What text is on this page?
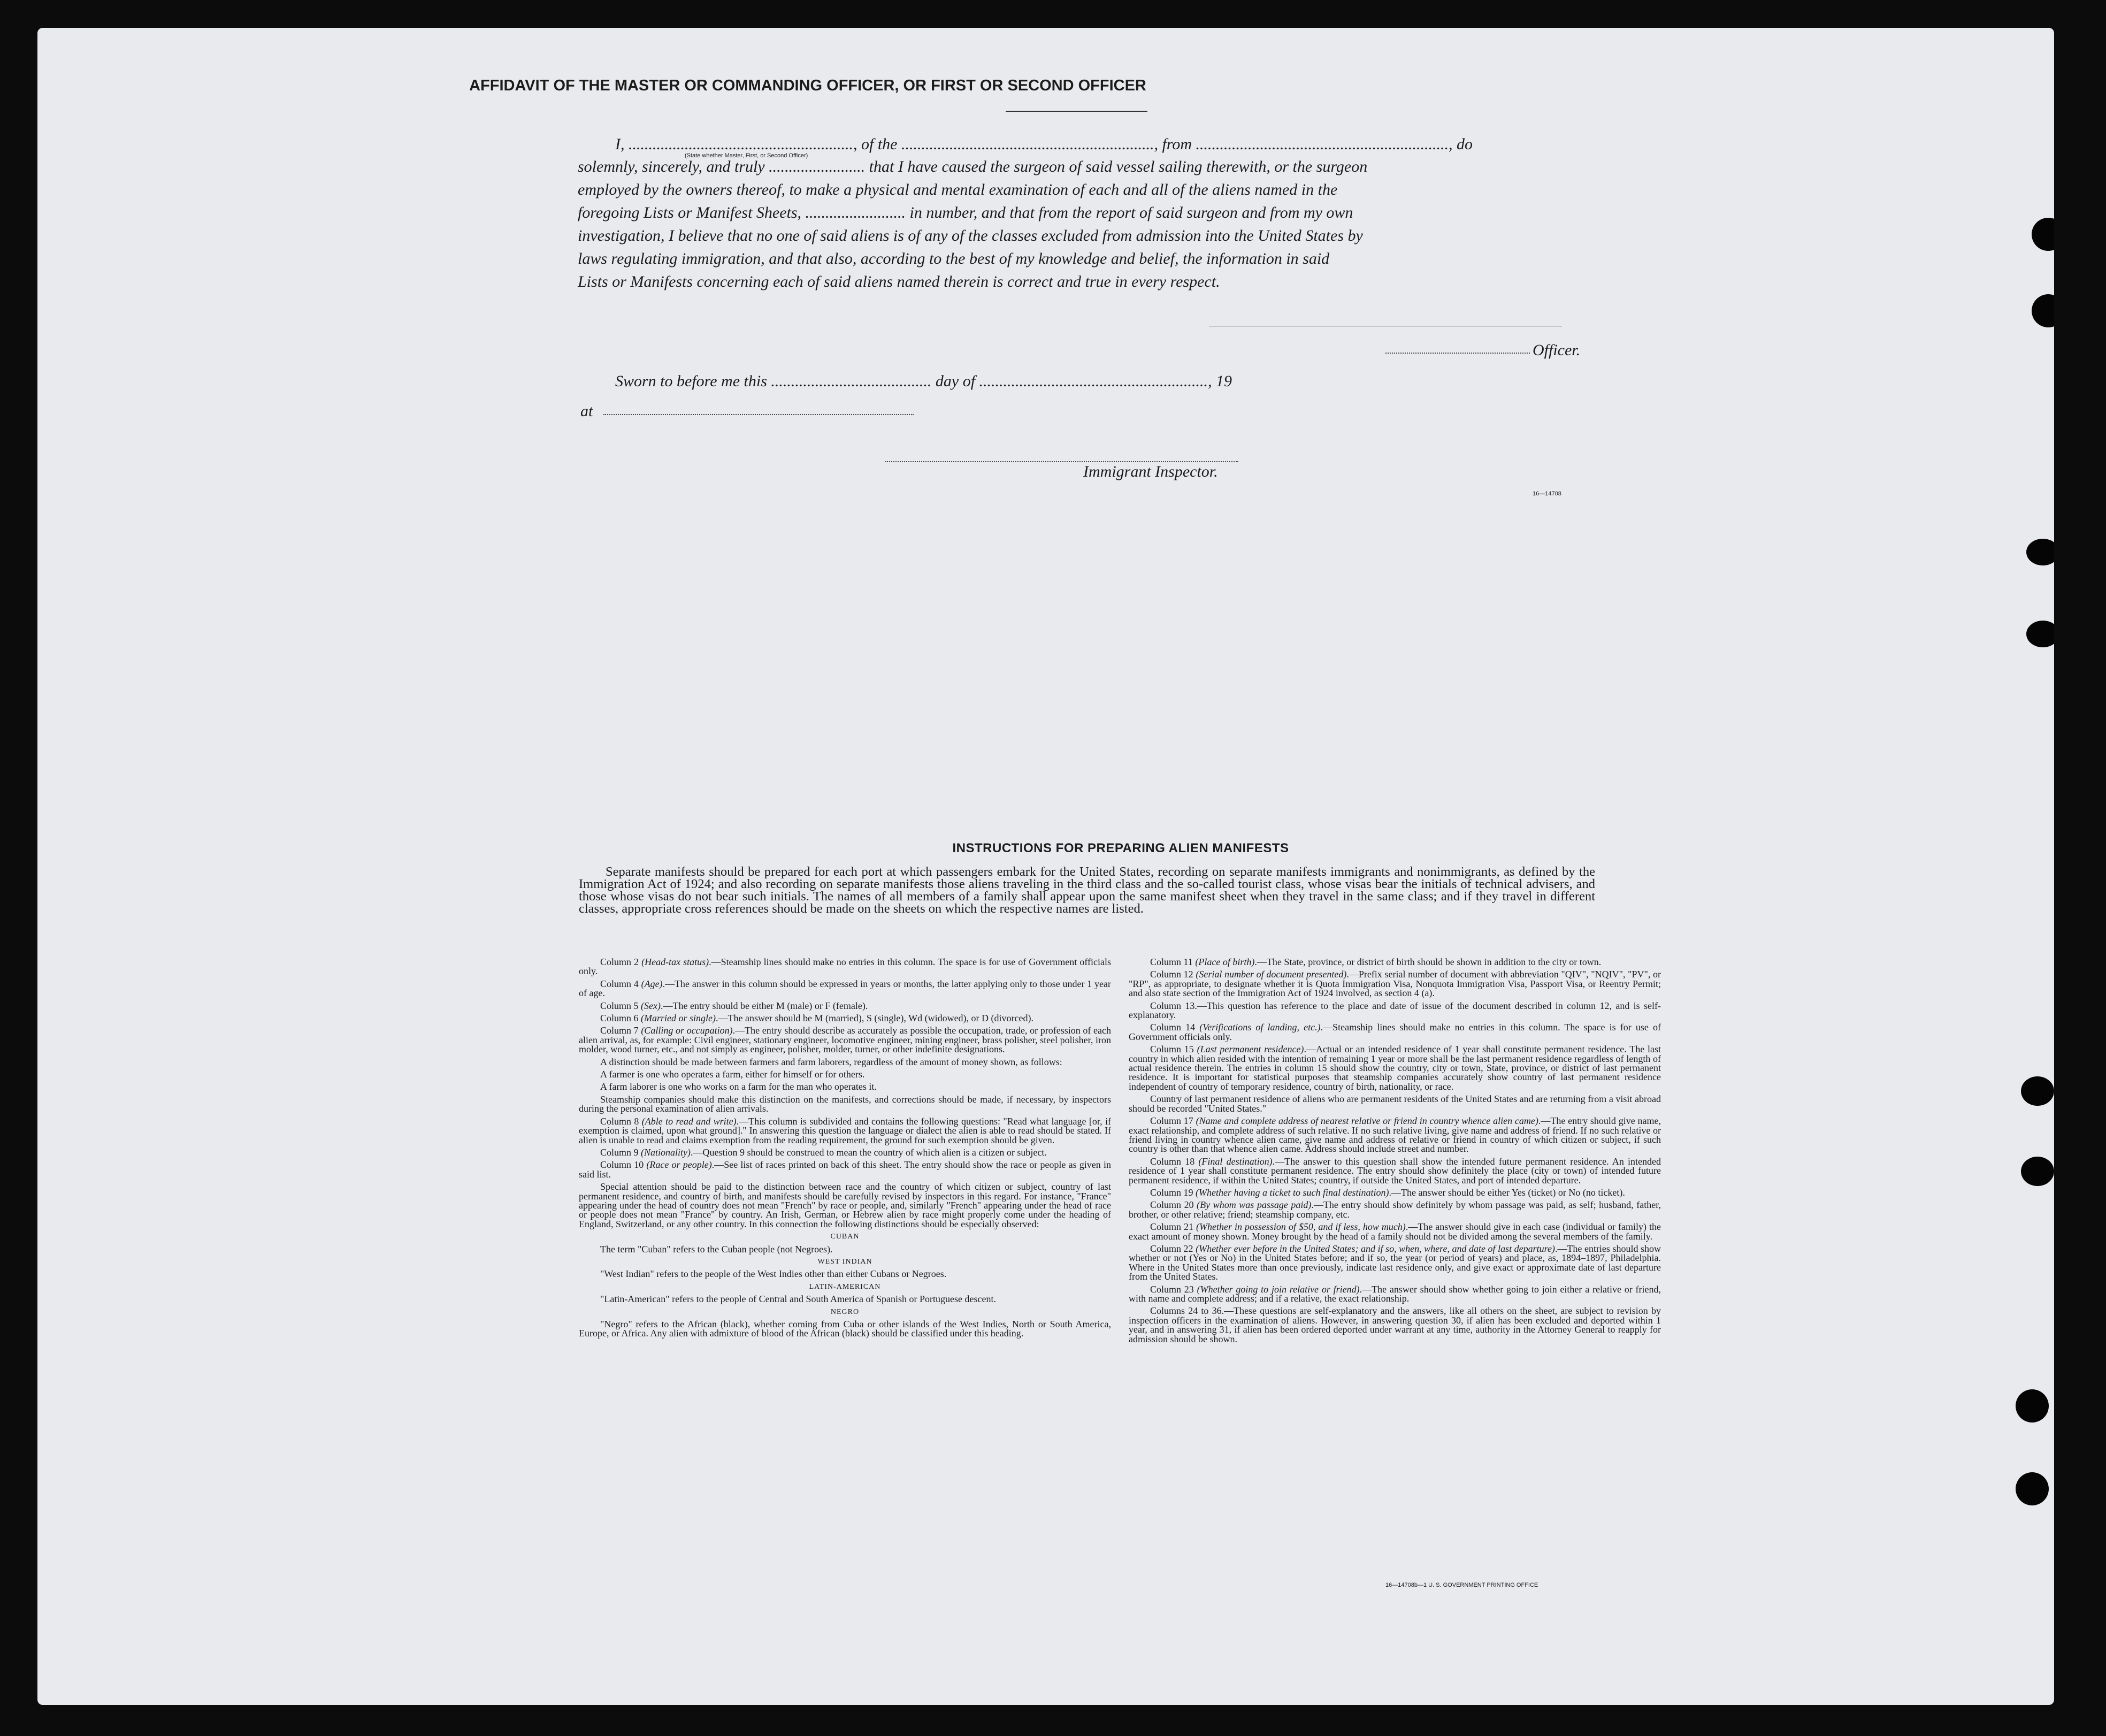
AFFIDAVIT OF THE MASTER OR COMMANDING OFFICER, OR FIRST OR SECOND OFFICER
I, ........................................................, of the ..............................................................., from ..............................................................., do
(State whether Master, First, or Second Officer)
solemnly, sincerely, and truly ........................ that I have caused the surgeon of said vessel sailing therewith, or the surgeon
employed by the owners thereof, to make a physical and mental examination of each and all of the aliens named in the
foregoing Lists or Manifest Sheets, ......................... in number, and that from the report of said surgeon and from my own
investigation, I believe that no one of said aliens is of any of the classes excluded from admission into the United States by
laws regulating immigration, and that also, according to the best of my knowledge and belief, the information in said
Lists or Manifests concerning each of said aliens named therein is correct and true in every respect.
Officer.
Sworn to before me this ........................................ day of ........................................................., 19
at
Immigrant Inspector.
16—14708
INSTRUCTIONS FOR PREPARING ALIEN MANIFESTS
Separate manifests should be prepared for each port at which passengers embark for the United States, recording on separate manifests immigrants and nonimmigrants, as defined by the Immigration Act of 1924; and also recording on separate manifests those aliens traveling in the third class and the so-called tourist class, whose visas bear the initials of technical advisers, and those whose visas do not bear such initials. The names of all members of a family shall appear upon the same manifest sheet when they travel in the same class; and if they travel in different classes, appropriate cross references should be made on the sheets on which the respective names are listed.

Column 2 (Head-tax status).—Steamship lines should make no entries in this column. The space is for use of Government officials only.

Column 4 (Age).—The answer in this column should be expressed in years or months, the latter applying only to those under 1 year of age.

Column 5 (Sex).—The entry should be either M (male) or F (female).

Column 6 (Married or single).—The answer should be M (married), S (single), Wd (widowed), or D (divorced).

Column 7 (Calling or occupation).—The entry should describe as accurately as possible the occupation, trade, or profession of each alien arrival, as, for example: Civil engineer, stationary engineer, locomotive engineer, mining engineer, brass polisher, steel polisher, iron molder, wood turner, etc., and not simply as engineer, polisher, molder, turner, or other indefinite designations.

A distinction should be made between farmers and farm laborers, regardless of the amount of money shown, as follows:

A farmer is one who operates a farm, either for himself or for others.

A farm laborer is one who works on a farm for the man who operates it.

Steamship companies should make this distinction on the manifests, and corrections should be made, if necessary, by inspectors during the personal examination of alien arrivals.

Column 8 (Able to read and write).—This column is subdivided and contains the following questions: "Read what language [or, if exemption is claimed, upon what ground]." In answering this question the language or dialect the alien is able to read should be stated. If alien is unable to read and claims exemption from the reading requirement, the ground for such exemption should be given.

Column 9 (Nationality).—Question 9 should be construed to mean the country of which alien is a citizen or subject.

Column 10 (Race or people).—See list of races printed on back of this sheet. The entry should show the race or people as given in said list.

Special attention should be paid to the distinction between race and the country of which citizen or subject, country of last permanent residence, and country of birth, and manifests should be carefully revised by inspectors in this regard. For instance, "France" appearing under the head of country does not mean "French" by race or people, and, similarly "French" appearing under the head of race or people does not mean "France" by country. An Irish, German, or Hebrew alien by race might properly come under the heading of England, Switzerland, or any other country. In this connection the following distinctions should be especially observed:

CUBAN

The term "Cuban" refers to the Cuban people (not Negroes).

WEST INDIAN

"West Indian" refers to the people of the West Indies other than either Cubans or Negroes.

LATIN-AMERICAN

"Latin-American" refers to the people of Central and South America of Spanish or Portuguese descent.

NEGRO

"Negro" refers to the African (black), whether coming from Cuba or other islands of the West Indies, North or South America, Europe, or Africa. Any alien with admixture of blood of the African (black) should be classified under this heading.

Column 11 (Place of birth).—The State, province, or district of birth should be shown in addition to the city or town.

Column 12 (Serial number of document presented).—Prefix serial number of document with abbreviation "QIV", "NQIV", "PV", or "RP", as appropriate, to designate whether it is Quota Immigration Visa, Nonquota Immigration Visa, Passport Visa, or Reentry Permit; and also state section of the Immigration Act of 1924 involved, as section 4 (a).

Column 13.—This question has reference to the place and date of issue of the document described in column 12, and is self-explanatory.

Column 14 (Verifications of landing, etc.).—Steamship lines should make no entries in this column. The space is for use of Government officials only.

Column 15 (Last permanent residence).—Actual or an intended residence of 1 year shall constitute permanent residence. The last country in which alien resided with the intention of remaining 1 year or more shall be the last permanent residence regardless of length of actual residence therein. The entries in column 15 should show the country, city or town, State, province, or district of last permanent residence. It is important for statistical purposes that steamship companies accurately show country of last permanent residence independent of country of temporary residence, country of birth, nationality, or race.

Country of last permanent residence of aliens who are permanent residents of the United States and are returning from a visit abroad should be recorded "United States."

Column 17 (Name and complete address of nearest relative or friend in country whence alien came).—The entry should give name, exact relationship, and complete address of such relative. If no such relative living, give name and address of friend. If no such relative or friend living in country whence alien came, give name and address of relative or friend in country of which citizen or subject, if such country is other than that whence alien came. Address should include street and number.

Column 18 (Final destination).—The answer to this question shall show the intended future permanent residence. An intended residence of 1 year shall constitute permanent residence. The entry should show definitely the place (city or town) of intended future permanent residence, if within the United States; country, if outside the United States, and port of intended departure.

Column 19 (Whether having a ticket to such final destination).—The answer should be either Yes (ticket) or No (no ticket).

Column 20 (By whom was passage paid).—The entry should show definitely by whom passage was paid, as self; husband, father, brother, or other relative; friend; steamship company, etc.

Column 21 (Whether in possession of $50, and if less, how much).—The answer should give in each case (individual or family) the exact amount of money shown. Money brought by the head of a family should not be divided among the several members of the family.

Column 22 (Whether ever before in the United States; and if so, when, where, and date of last departure).—The entries should show whether or not (Yes or No) in the United States before; and if so, the year (or period of years) and place, as, 1894–1897, Philadelphia. Where in the United States more than once previously, indicate last residence only, and give exact or approximate date of last departure from the United States.

Column 23 (Whether going to join relative or friend).—The answer should show whether going to join either a relative or friend, with name and complete address; and if a relative, the exact relationship.

Columns 24 to 36.—These questions are self-explanatory and the answers, like all others on the sheet, are subject to revision by inspection officers in the examination of aliens. However, in answering question 30, if alien has been excluded and deported within 1 year, and in answering 31, if alien has been ordered deported under warrant at any time, authority in the Attorney General to reapply for admission should be shown.

16—14708b—1 U. S. GOVERNMENT PRINTING OFFICE
